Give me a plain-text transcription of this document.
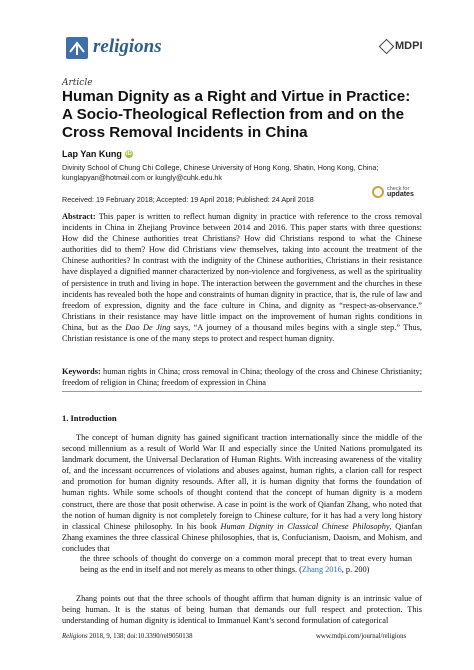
religions	MDPI
Article
Human Dignity as a Right and Virtue in Practice: A Socio-Theological Reflection from and on the Cross Removal Incidents in China
Lap Yan Kung iD
Divinity School of Chung Chi College, Chinese University of Hong Kong, Shatin, Hong Kong, China; kunglapyan@hotmail.com or kungly@cuhk.edu.hk
Received: 19 February 2018; Accepted: 19 April 2018; Published: 24 April 2018
check for
updates

Abstract: This paper is written to reflect human dignity in practice with reference to the cross removal incidents in China in Zhejiang Province between 2014 and 2016. This paper starts with three questions: How did the Chinese authorities treat Christians? How did Christians respond to what the Chinese authorities did to them? How did Christians view themselves, taking into account the treatment of the Chinese authorities? In contrast with the indignity of the Chinese authorities, Christians in their resistance have displayed a dignified manner characterized by non-violence and forgiveness, as well as the spirituality of persistence in truth and living in hope. The interaction between the government and the churches in these incidents has revealed both the hope and constraints of human dignity in practice, that is, the rule of law and freedom of expression, dignity and the face culture in China, and dignity as “respect-as-observance.” Christians in their resistance may have little impact on the improvement of human rights conditions in China, but as the Dao De Jing says, “A journey of a thousand miles begins with a single step.” Thus, Christian resistance is one of the many steps to protect and respect human dignity.

Keywords: human rights in China; cross removal in China; theology of the cross and Chinese Christianity; freedom of religion in China; freedom of expression in China

1. Introduction

The concept of human dignity has gained significant traction internationally since the middle of the second millennium as a result of World War II and especially since the United Nations promulgated its landmark document, the Universal Declaration of Human Rights. With increasing awareness of the vitality of, and the incessant occurrences of violations and abuses against, human rights, a clarion call for respect and promotion for human dignity resounds. After all, it is human dignity that forms the foundation of human rights. While some schools of thought contend that the concept of human dignity is a modern construct, there are those that posit otherwise. A case in point is the work of Qianfan Zhang, who noted that the notion of human dignity is not completely foreign to Chinese culture, for it has had a very long history in classical Chinese philosophy. In his book Human Dignity in Classical Chinese Philosophy, Qianfan Zhang examines the three classical Chinese philosophies, that is, Confucianism, Daoism, and Mohism, and concludes that

the three schools of thought do converge on a common moral precept that to treat every human being as the end in itself and not merely as means to other things. (Zhang 2016, p. 200)

Zhang points out that the three schools of thought affirm that human dignity is an intrinsic value of being human. It is the status of being human that demands our full respect and protection. This understanding of human dignity is identical to Immanuel Kant’s second formulation of categorical

Religions 2018, 9, 138; doi:10.3390/rel9050138	www.mdpi.com/journal/religions
